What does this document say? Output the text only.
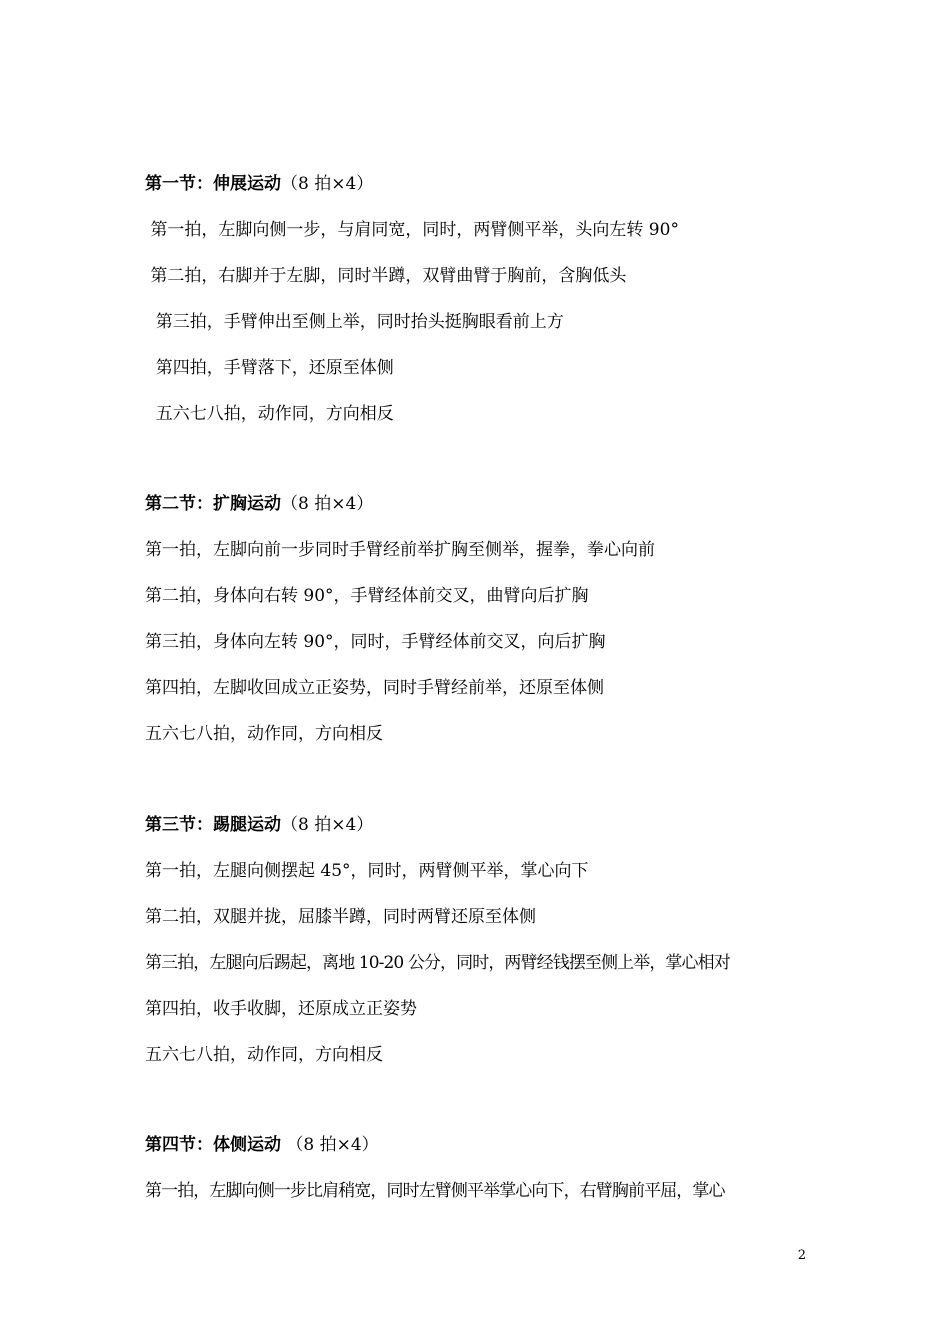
第一节：伸展运动（8 拍×4）
第一拍，左脚向侧一步，与肩同宽，同时，两臂侧平举，头向左转 90°
第二拍，右脚并于左脚，同时半蹲，双臂曲臂于胸前，含胸低头
第三拍，手臂伸出至侧上举，同时抬头挺胸眼看前上方
第四拍，手臂落下，还原至体侧
五六七八拍，动作同，方向相反
第二节：扩胸运动（8 拍×4）
第一拍，左脚向前一步同时手臂经前举扩胸至侧举，握拳，拳心向前
第二拍，身体向右转 90°，手臂经体前交叉，曲臂向后扩胸
第三拍，身体向左转 90°，同时，手臂经体前交叉，向后扩胸
第四拍，左脚收回成立正姿势，同时手臂经前举，还原至体侧
五六七八拍，动作同，方向相反
第三节：踢腿运动（8 拍×4）
第一拍，左腿向侧摆起 45°，同时，两臂侧平举，掌心向下
第二拍，双腿并拢，屈膝半蹲，同时两臂还原至体侧
第三拍，左腿向后踢起，离地 10-20 公分，同时，两臂经钱摆至侧上举，掌心相对
第四拍，收手收脚，还原成立正姿势
五六七八拍，动作同，方向相反
第四节：体侧运动 （8 拍×4）
第一拍，左脚向侧一步比肩稍宽，同时左臂侧平举掌心向下，右臂胸前平屈，掌心
2
